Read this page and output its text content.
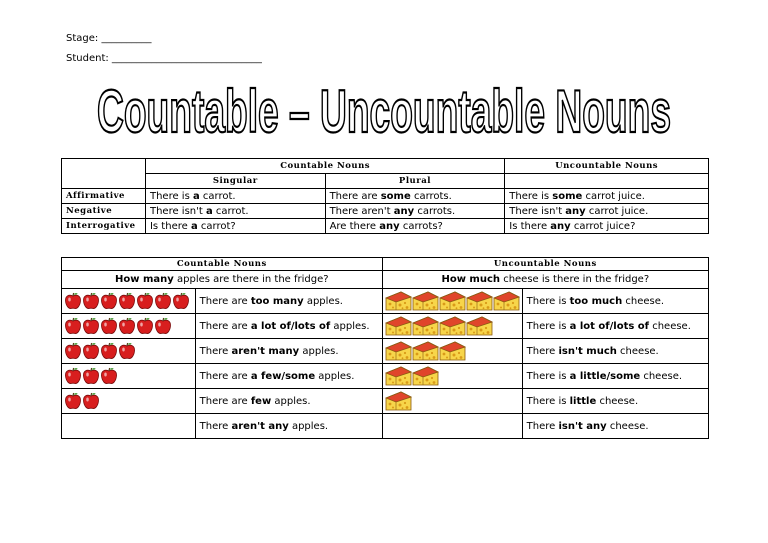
Stage: __________
Student: ______________________________
Countable – Uncountable Nouns
	Countable Nouns		Uncountable Nouns
	Singular	Plural	
Affirmative	There is a carrot.	There are some carrots.	There is some carrot juice.
Negative	There isn't a carrot.	There aren't any carrots.	There isn't any carrot juice.
Interrogative	Is there a carrot?	Are there any carrots?	Is there any carrot juice?
Countable Nouns		Uncountable Nouns	
How many apples are there in the fridge?		How much cheese is there in the fridge?	

	There are too many apples.		There is too much cheese.

	There are a lot of/lots of apples.		There is a lot of/lots of cheese.

	There aren't many apples.		There isn't much cheese.

	There are a few/some apples.		There is a little/some cheese.

	There are few apples.		There is little cheese.

	There aren't any apples.		There isn't any cheese.
